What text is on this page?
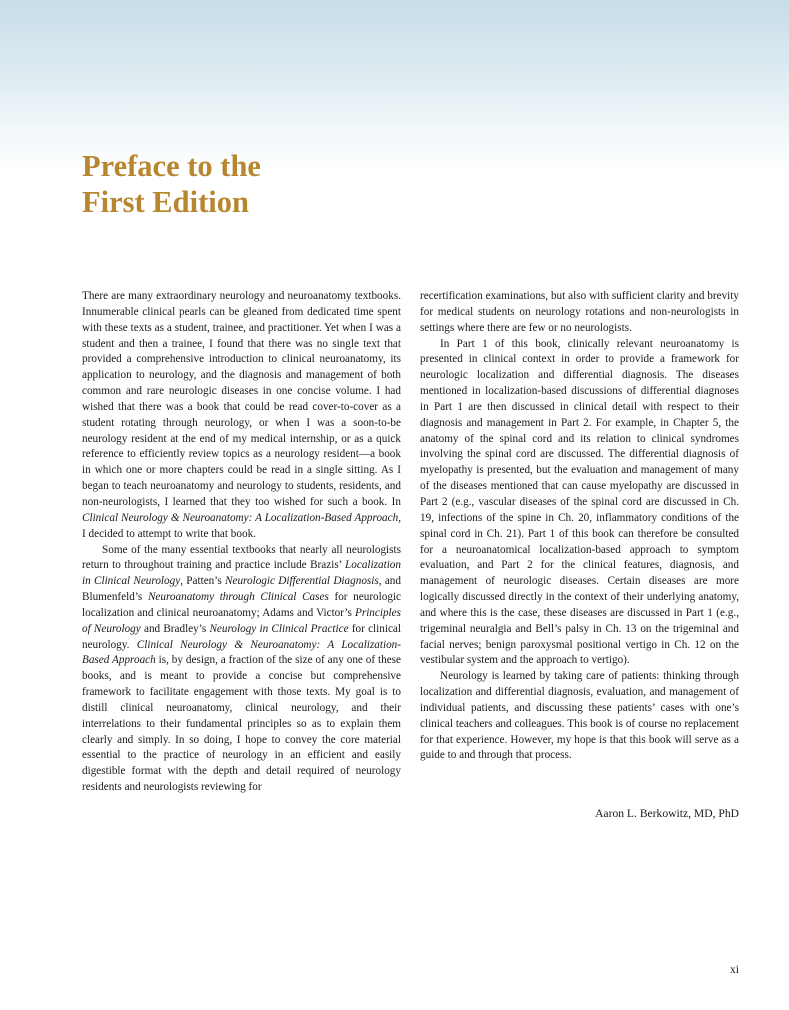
Preface to the
First Edition

There are many extraordinary neurology and neuroanatomy textbooks. Innumerable clinical pearls can be gleaned from dedicated time spent with these texts as a student, trainee, and practitioner. Yet when I was a student and then a trainee, I found that there was no single text that provided a comprehensive introduction to clinical neuroanatomy, its application to neurology, and the diagnosis and management of both common and rare neurologic diseases in one concise volume. I had wished that there was a book that could be read cover-to-cover as a student rotating through neurology, or when I was a soon-to-be neurology resident at the end of my medical internship, or as a quick reference to efficiently review topics as a neurology resident—a book in which one or more chapters could be read in a single sitting. As I began to teach neuroanatomy and neurology to students, residents, and non-neurologists, I learned that they too wished for such a book. In Clinical Neurology & Neuroanatomy: A Localization-Based Approach, I decided to attempt to write that book.

Some of the many essential textbooks that nearly all neurologists return to throughout training and practice include Brazis’ Localization in Clinical Neurology, Patten’s Neurologic Differential Diagnosis, and Blumenfeld’s Neuroanatomy through Clinical Cases for neurologic localization and clinical neuroanatomy; Adams and Victor’s Principles of Neurology and Bradley’s Neurology in Clinical Practice for clinical neurology. Clinical Neurology & Neuroanatomy: A Localization-Based Approach is, by design, a fraction of the size of any one of these books, and is meant to provide a concise but comprehensive framework to facilitate engagement with those texts. My goal is to distill clinical neuroanatomy, clinical neurology, and their interrelations to their fundamental principles so as to explain them clearly and simply. In so doing, I hope to convey the core material essential to the practice of neurology in an efficient and easily digestible format with the depth and detail required of neurology residents and neurologists reviewing for

recertification examinations, but also with sufficient clarity and brevity for medical students on neurology rotations and non-neurologists in settings where there are few or no neurologists.

In Part 1 of this book, clinically relevant neuroanatomy is presented in clinical context in order to provide a framework for neurologic localization and differential diagnosis. The diseases mentioned in localization-based discussions of differential diagnoses in Part 1 are then discussed in clinical detail with respect to their diagnosis and management in Part 2. For example, in Chapter 5, the anatomy of the spinal cord and its relation to clinical syndromes involving the spinal cord are discussed. The differential diagnosis of myelopathy is presented, but the evaluation and management of many of the diseases mentioned that can cause myelopathy are discussed in Part 2 (e.g., vascular diseases of the spinal cord are discussed in Ch. 19, infections of the spine in Ch. 20, inflammatory conditions of the spinal cord in Ch. 21). Part 1 of this book can therefore be consulted for a neuroanatomical localization-based approach to symptom evaluation, and Part 2 for the clinical features, diagnosis, and management of neurologic diseases. Certain diseases are more logically discussed directly in the context of their underlying anatomy, and where this is the case, these diseases are discussed in Part 1 (e.g., trigeminal neuralgia and Bell’s palsy in Ch. 13 on the trigeminal and facial nerves; benign paroxysmal positional vertigo in Ch. 12 on the vestibular system and the approach to vertigo).

Neurology is learned by taking care of patients: thinking through localization and differential diagnosis, evaluation, and management of individual patients, and discussing these patients’ cases with one’s clinical teachers and colleagues. This book is of course no replacement for that experience. However, my hope is that this book will serve as a guide to and through that process.

Aaron L. Berkowitz, MD, PhD
xi
